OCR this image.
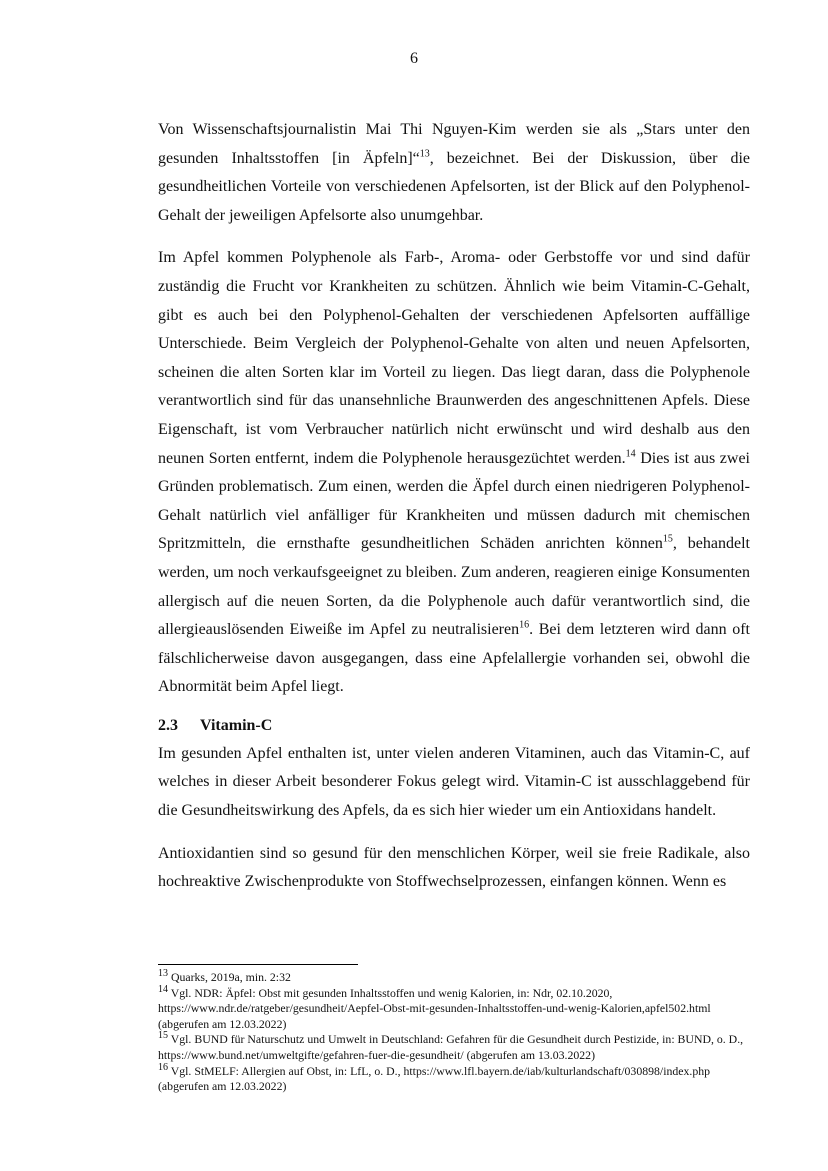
6

Von Wissenschaftsjournalistin Mai Thi Nguyen-Kim werden sie als „Stars unter den gesunden Inhaltsstoffen [in Äpfeln]“$^{13}$, bezeichnet. Bei der Diskussion, über die gesundheitlichen Vorteile von verschiedenen Apfelsorten, ist der Blick auf den Polyphenol-Gehalt der jeweiligen Apfelsorte also unumgehbar.

Im Apfel kommen Polyphenole als Farb-, Aroma- oder Gerbstoffe vor und sind dafür zuständig die Frucht vor Krankheiten zu schützen. Ähnlich wie beim Vitamin-C-Gehalt, gibt es auch bei den Polyphenol-Gehalten der verschiedenen Apfelsorten auffällige Unterschiede. Beim Vergleich der Polyphenol-Gehalte von alten und neuen Apfelsorten, scheinen die alten Sorten klar im Vorteil zu liegen. Das liegt daran, dass die Polyphenole verantwortlich sind für das unansehnliche Braunwerden des angeschnittenen Apfels. Diese Eigenschaft, ist vom Verbraucher natürlich nicht erwünscht und wird deshalb aus den neunen Sorten entfernt, indem die Polyphenole herausgezüchtet werden.$^{14}$ Dies ist aus zwei Gründen problematisch. Zum einen, werden die Äpfel durch einen niedrigeren Polyphenol-Gehalt natürlich viel anfälliger für Krankheiten und müssen dadurch mit chemischen Spritzmitteln, die ernsthafte gesundheitlichen Schäden anrichten können$^{15}$, behandelt werden, um noch verkaufsgeeignet zu bleiben. Zum anderen, reagieren einige Konsumenten allergisch auf die neuen Sorten, da die Polyphenole auch dafür verantwortlich sind, die allergieauslösenden Eiweiße im Apfel zu neutralisieren$^{16}$. Bei dem letzteren wird dann oft fälschlicherweise davon ausgegangen, dass eine Apfelallergie vorhanden sei, obwohl die Abnormität beim Apfel liegt.

2.3 Vitamin-C

Im gesunden Apfel enthalten ist, unter vielen anderen Vitaminen, auch das Vitamin-C, auf welches in dieser Arbeit besonderer Fokus gelegt wird. Vitamin-C ist ausschlaggebend für die Gesundheitswirkung des Apfels, da es sich hier wieder um ein Antioxidans handelt.

Antioxidantien sind so gesund für den menschlichen Körper, weil sie freie Radikale, also hochreaktive Zwischenprodukte von Stoffwechselprozessen, einfangen können. Wenn es

$^{13}$ Quarks, 2019a, min. 2:32

$^{14}$ Vgl. NDR: Äpfel: Obst mit gesunden Inhaltsstoffen und wenig Kalorien, in: Ndr, 02.10.2020, https://www.ndr.de/ratgeber/gesundheit/Aepfel-Obst-mit-gesunden-Inhaltsstoffen-und-wenig-Kalorien,apfel502.html (abgerufen am 12.03.2022)

$^{15}$ Vgl. BUND für Naturschutz und Umwelt in Deutschland: Gefahren für die Gesundheit durch Pestizide, in: BUND, o. D., https://www.bund.net/umweltgifte/gefahren-fuer-die-gesundheit/ (abgerufen am 13.03.2022)

$^{16}$ Vgl. StMELF: Allergien auf Obst, in: LfL, o. D., https://www.lfl.bayern.de/iab/kulturlandschaft/030898/index.php (abgerufen am 12.03.2022)
